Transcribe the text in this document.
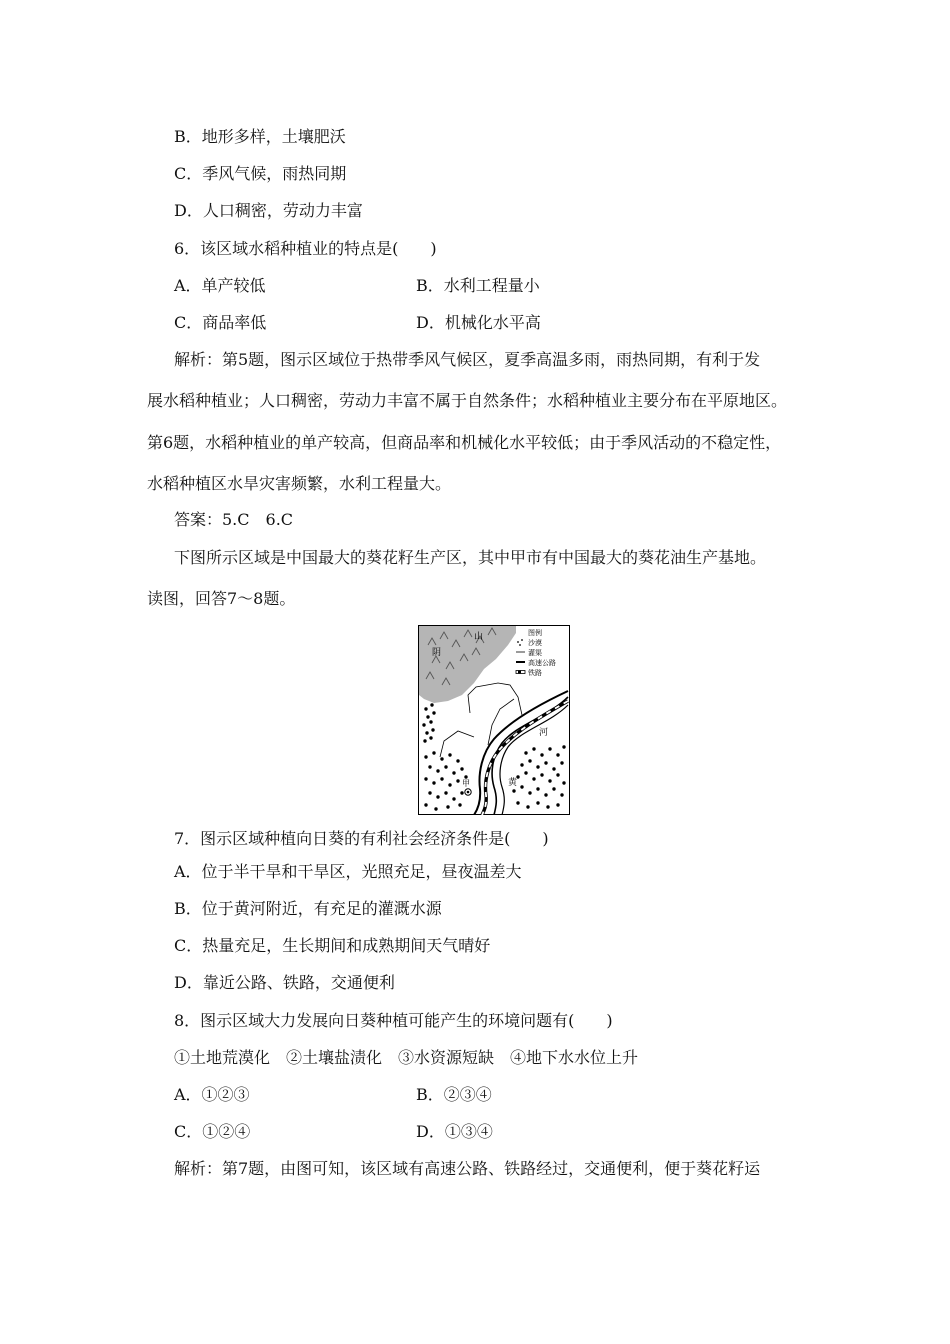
B．地形多样，土壤肥沃
C．季风气候，雨热同期
D．人口稠密，劳动力丰富
6．该区域水稻种植业的特点是(　　)
A．单产较低	B．水利工程量小
C．商品率低	D．机械化水平高
解析：第5题，图示区域位于热带季风气候区，夏季高温多雨，雨热同期，有利于发
展水稻种植业；人口稠密，劳动力丰富不属于自然条件；水稻种植业主要分布在平原地区。
第6题，水稻种植业的单产较高，但商品率和机械化水平较低；由于季风活动的不稳定性，
水稻种植区水旱灾害频繁，水利工程量大。
答案：5.C　6.C
下图所示区域是中国最大的葵花籽生产区，其中甲市有中国最大的葵花油生产基地。
读图，回答7～8题。
阴
山	图例
沙漠
灌渠
高速公路
铁路
河
黄
甲
7．图示区域种植向日葵的有利社会经济条件是(　　)
A．位于半干旱和干旱区，光照充足，昼夜温差大
B．位于黄河附近，有充足的灌溉水源
C．热量充足，生长期间和成熟期间天气晴好
D．靠近公路、铁路，交通便利
8．图示区域大力发展向日葵种植可能产生的环境问题有(　　)
①土地荒漠化　②土壤盐渍化　③水资源短缺　④地下水水位上升
A．①②③	B．②③④
C．①②④	D．①③④
解析：第7题，由图可知，该区域有高速公路、铁路经过，交通便利，便于葵花籽运
